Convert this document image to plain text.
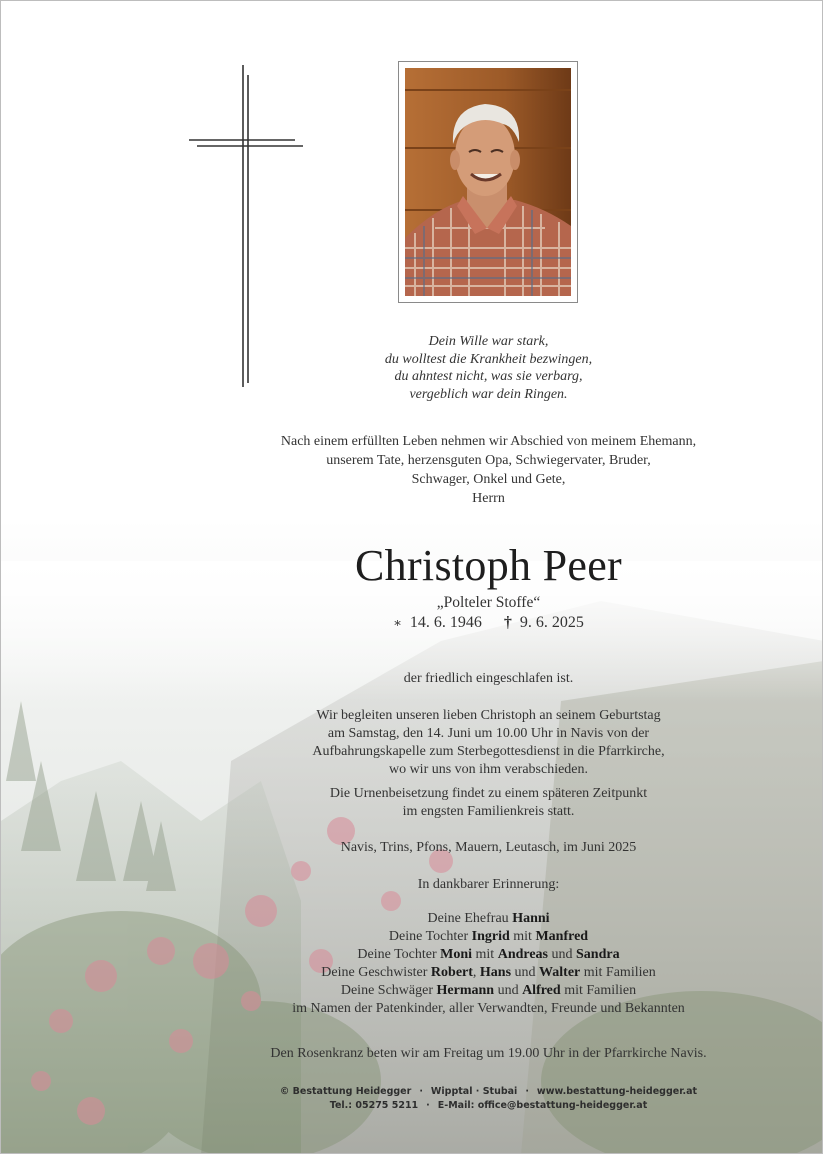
Dein Wille war stark,
du wolltest die Krankheit bezwingen,
du ahntest nicht, was sie verbarg,
vergeblich war dein Ringen.
Nach einem erfüllten Leben nehmen wir Abschied von meinem Ehemann,
unserem Tate, herzensguten Opa, Schwiegervater, Bruder,
Schwager, Onkel und Gete,
Herrn
Christoph Peer
„Polteler Stoffe“
∗ 14. 6. 1946 † 9. 6. 2025
der friedlich eingeschlafen ist.
Wir begleiten unseren lieben Christoph an seinem Geburtstag
am Samstag, den 14. Juni um 10.00 Uhr in Navis von der
Aufbahrungskapelle zum Sterbegottesdienst in die Pfarrkirche,
wo wir uns von ihm verabschieden.
Die Urnenbeisetzung findet zu einem späteren Zeitpunkt
im engsten Familienkreis statt.
Navis, Trins, Pfons, Mauern, Leutasch, im Juni 2025
In dankbarer Erinnerung:
Deine Ehefrau Hanni
Deine Tochter Ingrid mit Manfred
Deine Tochter Moni mit Andreas und Sandra
Deine Geschwister Robert, Hans und Walter mit Familien
Deine Schwäger Hermann und Alfred mit Familien
im Namen der Patenkinder, aller Verwandten, Freunde und Bekannten
Den Rosenkranz beten wir am Freitag um 19.00 Uhr in der Pfarrkirche Navis.
© Bestattung Heidegger · Wipptal · Stubai · www.bestattung-heidegger.at
Tel.: 05275 5211 · E-Mail: office@bestattung-heidegger.at
